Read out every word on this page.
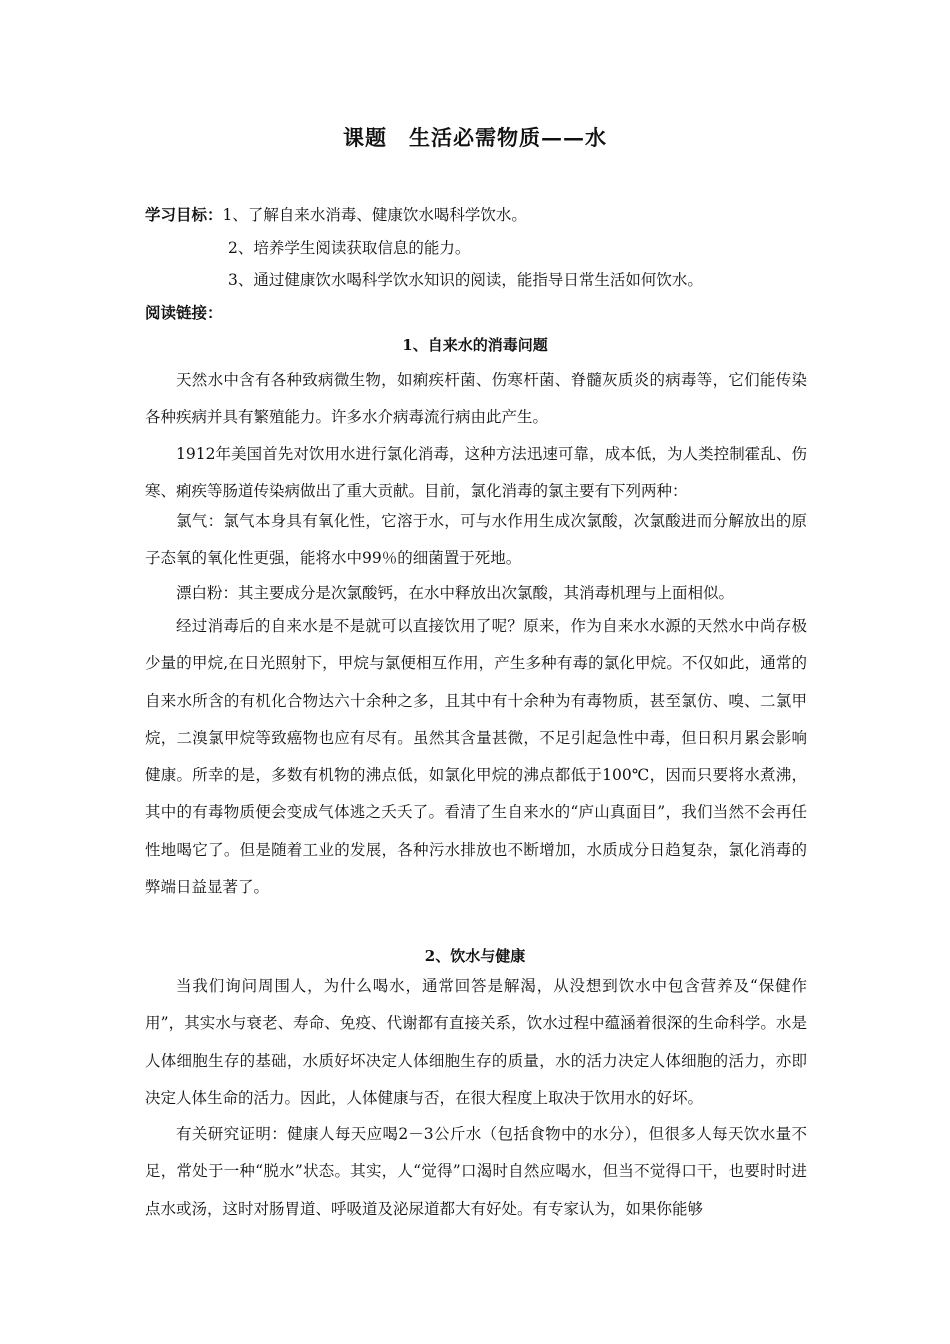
课题　生活必需物质——水
学习目标：1、了解自来水消毒、健康饮水喝科学饮水。
2、培养学生阅读获取信息的能力。
3、通过健康饮水喝科学饮水知识的阅读，能指导日常生活如何饮水。
阅读链接：
1、自来水的消毒问题

天然水中含有各种致病微生物，如痢疾杆菌、伤寒杆菌、脊髓灰质炎的病毒等，它们能传染各种疾病并具有繁殖能力。许多水介病毒流行病由此产生。

1912年美国首先对饮用水进行氯化消毒，这种方法迅速可靠，成本低，为人类控制霍乱、伤寒、痢疾等肠道传染病做出了重大贡献。目前，氯化消毒的氯主要有下列两种：

氯气：氯气本身具有氧化性，它溶于水，可与水作用生成次氯酸，次氯酸进而分解放出的原子态氧的氧化性更强，能将水中99％的细菌置于死地。

漂白粉：其主要成分是次氯酸钙，在水中释放出次氯酸，其消毒机理与上面相似。

经过消毒后的自来水是不是就可以直接饮用了呢？原来，作为自来水水源的天然水中尚存极少量的甲烷,在日光照射下，甲烷与氯便相互作用，产生多种有毒的氯化甲烷。不仅如此，通常的自来水所含的有机化合物达六十余种之多，且其中有十余种为有毒物质，甚至氯仿、嗅、二氯甲烷，二溴氯甲烷等致癌物也应有尽有。虽然其含量甚微，不足引起急性中毒，但日积月累会影响健康。所幸的是，多数有机物的沸点低，如氯化甲烷的沸点都低于100℃，因而只要将水煮沸，其中的有毒物质便会变成气体逃之夭夭了。看清了生自来水的“庐山真面目”，我们当然不会再任性地喝它了。但是随着工业的发展，各种污水排放也不断增加，水质成分日趋复杂，氯化消毒的弊端日益显著了。

2、饮水与健康

当我们询问周围人，为什么喝水，通常回答是解渴，从没想到饮水中包含营养及“保健作用”，其实水与衰老、寿命、免疫、代谢都有直接关系，饮水过程中蕴涵着很深的生命科学。水是人体细胞生存的基础，水质好坏决定人体细胞生存的质量，水的活力决定人体细胞的活力，亦即决定人体生命的活力。因此，人体健康与否，在很大程度上取决于饮用水的好坏。

有关研究证明：健康人每天应喝2－3公斤水（包括食物中的水分），但很多人每天饮水量不足，常处于一种“脱水”状态。其实，人“觉得”口渴时自然应喝水，但当不觉得口干，也要时时进点水或汤，这时对肠胃道、呼吸道及泌尿道都大有好处。有专家认为，如果你能够
